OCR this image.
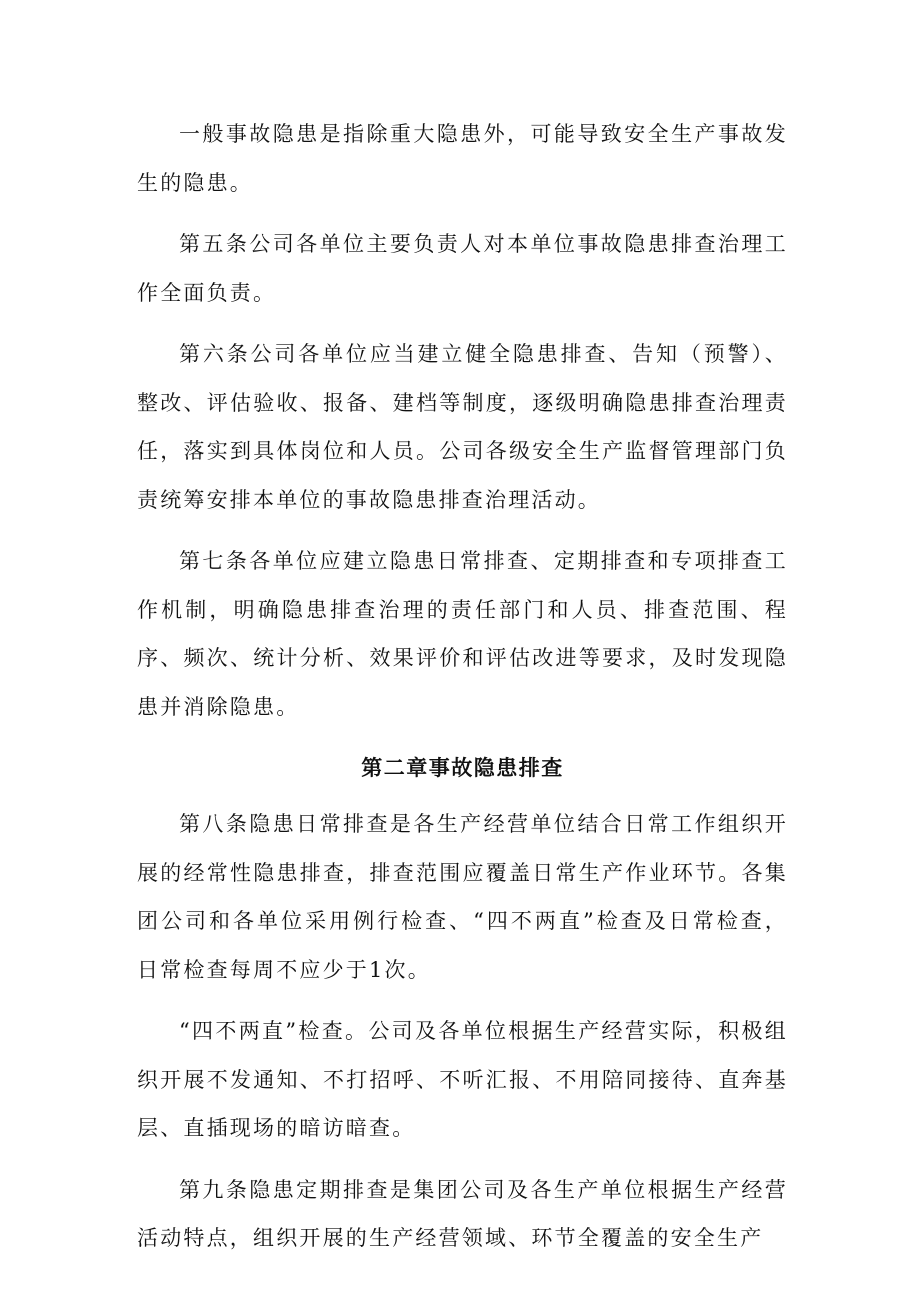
一般事故隐患是指除重大隐患外，可能导致安全生产事故发生的隐患。

第五条公司各单位主要负责人对本单位事故隐患排查治理工作全面负责。

第六条公司各单位应当建立健全隐患排查、告知（预警）、整改、评估验收、报备、建档等制度，逐级明确隐患排查治理责任，落实到具体岗位和人员。公司各级安全生产监督管理部门负责统筹安排本单位的事故隐患排查治理活动。

第七条各单位应建立隐患日常排查、定期排查和专项排查工作机制，明确隐患排查治理的责任部门和人员、排查范围、程序、频次、统计分析、效果评价和评估改进等要求，及时发现隐患并消除隐患。

第二章事故隐患排查

第八条隐患日常排查是各生产经营单位结合日常工作组织开展的经常性隐患排查，排查范围应覆盖日常生产作业环节。各集团公司和各单位采用例行检查、“四不两直”检查及日常检查，日常检查每周不应少于1次。

“四不两直”检查。公司及各单位根据生产经营实际，积极组织开展不发通知、不打招呼、不听汇报、不用陪同接待、直奔基层、直插现场的暗访暗查。

第九条隐患定期排查是集团公司及各生产单位根据生产经营活动特点，组织开展的生产经营领域、环节全覆盖的安全生产
